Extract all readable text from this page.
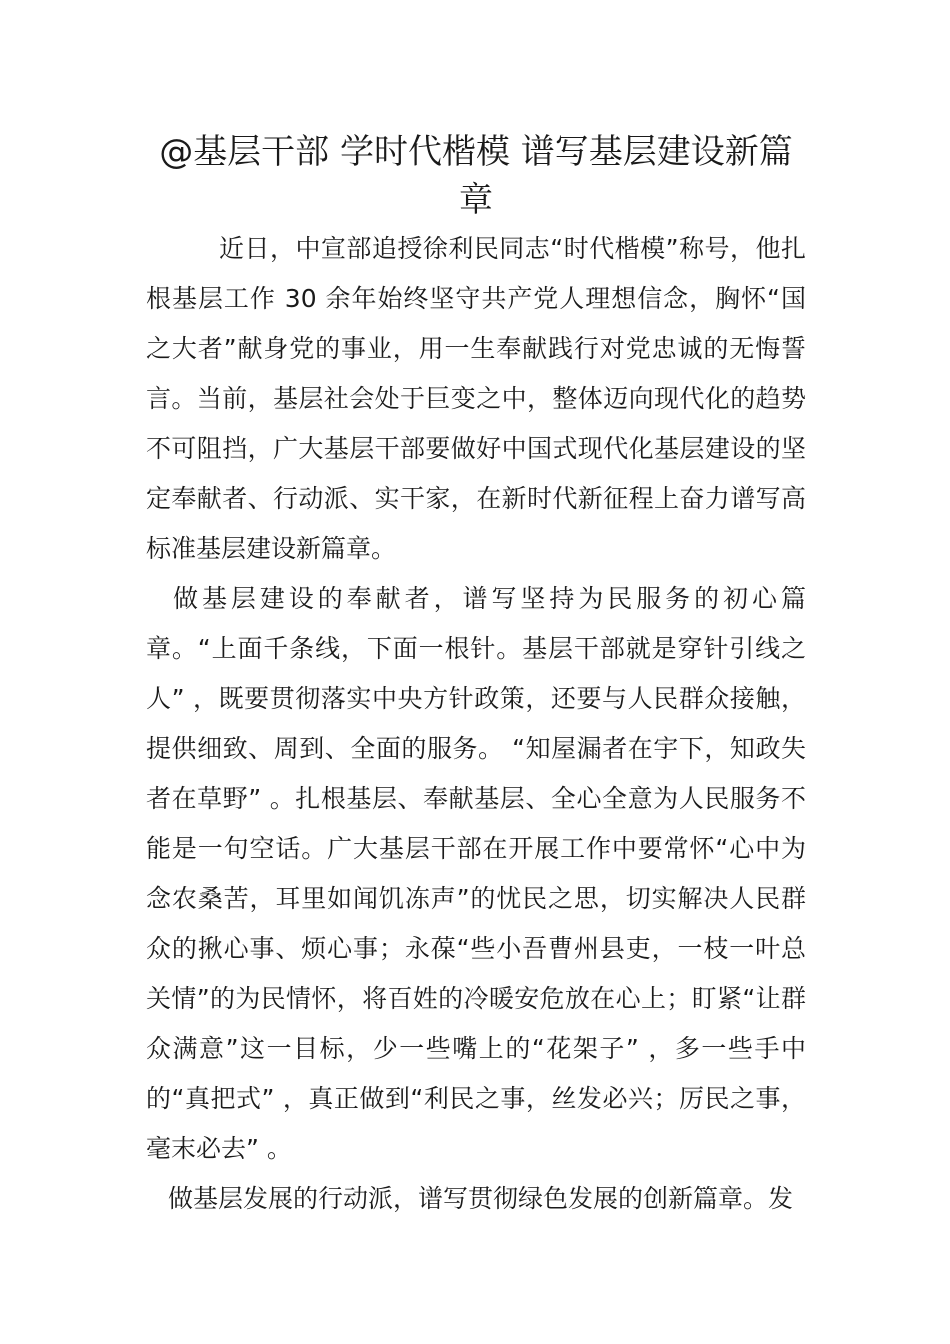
@基层干部 学时代楷模 谱写基层建设新篇章

近日，中宣部追授徐利民同志“时代楷模”称号，他扎根基层工作 30 余年始终坚守共产党人理想信念，胸怀“国之大者”献身党的事业，用一生奉献践行对党忠诚的无悔誓言。当前，基层社会处于巨变之中，整体迈向现代化的趋势不可阻挡，广大基层干部要做好中国式现代化基层建设的坚定奉献者、行动派、实干家，在新时代新征程上奋力谱写高标准基层建设新篇章。

做基层建设的奉献者，谱写坚持为民服务的初心篇章。“上面千条线，下面一根针。基层干部就是穿针引线之人” ，既要贯彻落实中央方针政策，还要与人民群众接触，提供细致、周到、全面的服务。 “知屋漏者在宇下，知政失者在草野” 。扎根基层、奉献基层、全心全意为人民服务不能是一句空话。广大基层干部在开展工作中要常怀“心中为念农桑苦，耳里如闻饥冻声”的忧民之思，切实解决人民群众的揪心事、烦心事；永葆“些小吾曹州县吏，一枝一叶总关情”的为民情怀，将百姓的冷暖安危放在心上；盯紧“让群众满意”这一目标，少一些嘴上的“花架子” ，多一些手中的“真把式” ，真正做到“利民之事，丝发必兴；厉民之事，毫末必去” 。

做基层发展的行动派，谱写贯彻绿色发展的创新篇章。发
